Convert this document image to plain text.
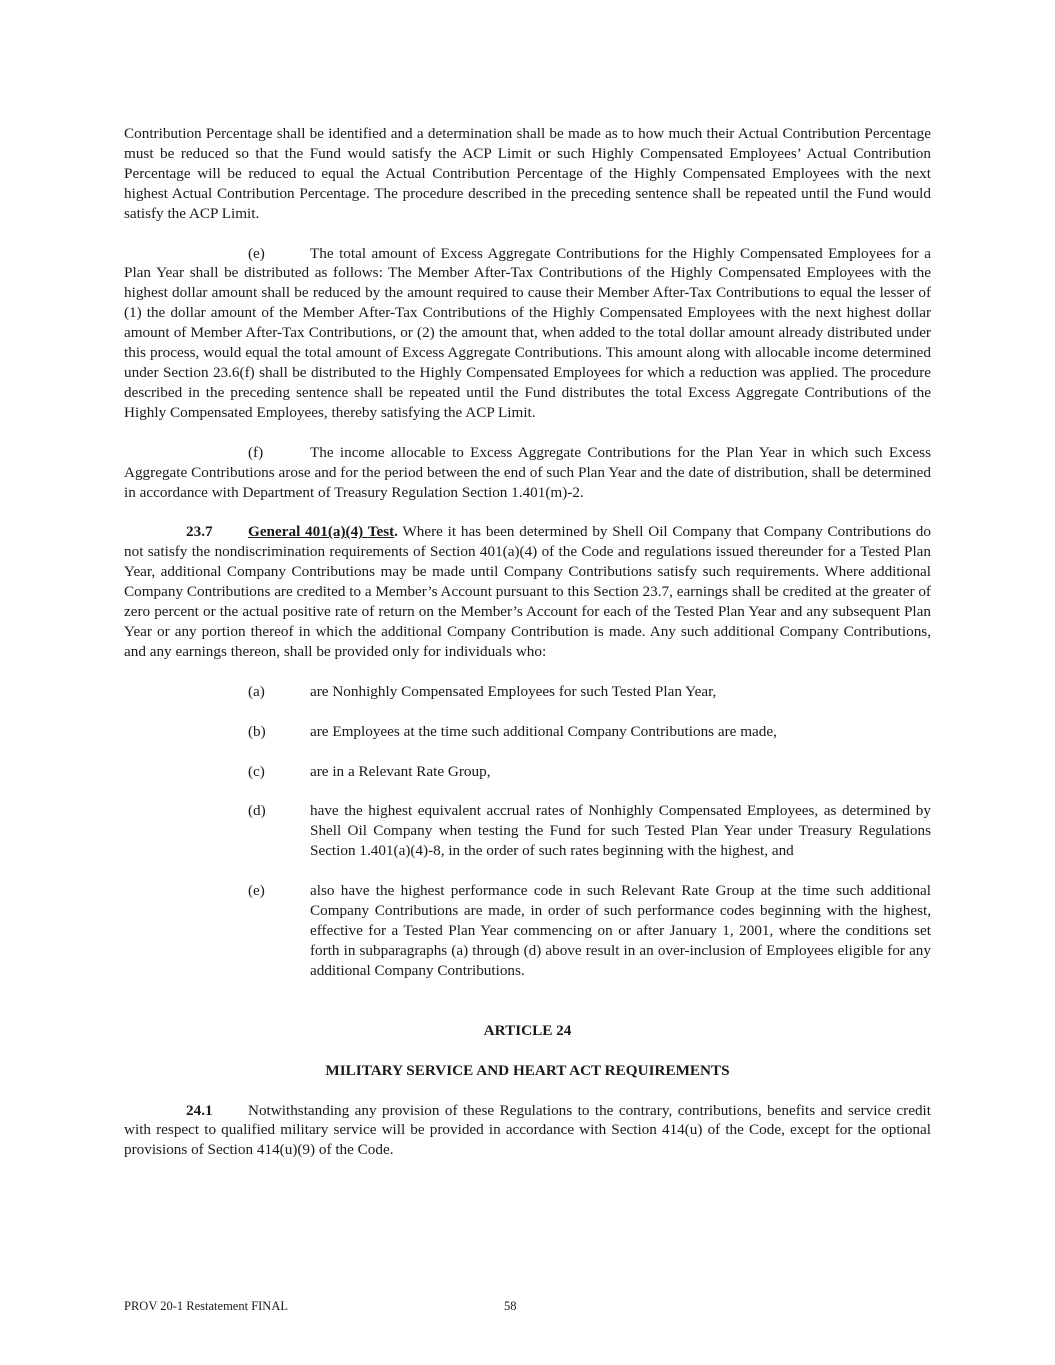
Contribution Percentage shall be identified and a determination shall be made as to how much their Actual Contribution Percentage must be reduced so that the Fund would satisfy the ACP Limit or such Highly Compensated Employees’ Actual Contribution Percentage will be reduced to equal the Actual Contribution Percentage of the Highly Compensated Employees with the next highest Actual Contribution Percentage. The procedure described in the preceding sentence shall be repeated until the Fund would satisfy the ACP Limit.

(e)	The total amount of Excess Aggregate Contributions for the Highly Compensated Employees for a Plan Year shall be distributed as follows: The Member After-Tax Contributions of the Highly Compensated Employees with the highest dollar amount shall be reduced by the amount required to cause their Member After-Tax Contributions to equal the lesser of (1) the dollar amount of the Member After-Tax Contributions of the Highly Compensated Employees with the next highest dollar amount of Member After-Tax Contributions, or (2) the amount that, when added to the total dollar amount already distributed under this process, would equal the total amount of Excess Aggregate Contributions. This amount along with allocable income determined under Section 23.6(f) shall be distributed to the Highly Compensated Employees for which a reduction was applied. The procedure described in the preceding sentence shall be repeated until the Fund distributes the total Excess Aggregate Contributions of the Highly Compensated Employees, thereby satisfying the ACP Limit.

(f)	The income allocable to Excess Aggregate Contributions for the Plan Year in which such Excess Aggregate Contributions arose and for the period between the end of such Plan Year and the date of distribution, shall be determined in accordance with Department of Treasury Regulation Section 1.401(m)-2.

23.7 General 401(a)(4) Test. Where it has been determined by Shell Oil Company that Company Contributions do not satisfy the nondiscrimination requirements of Section 401(a)(4) of the Code and regulations issued thereunder for a Tested Plan Year, additional Company Contributions may be made until Company Contributions satisfy such requirements. Where additional Company Contributions are credited to a Member’s Account pursuant to this Section 23.7, earnings shall be credited at the greater of zero percent or the actual positive rate of return on the Member’s Account for each of the Tested Plan Year and any subsequent Plan Year or any portion thereof in which the additional Company Contribution is made. Any such additional Company Contributions, and any earnings thereon, shall be provided only for individuals who:

(a)	are Nonhighly Compensated Employees for such Tested Plan Year,
(b)	are Employees at the time such additional Company Contributions are made,
(c)	are in a Relevant Rate Group,
(d)	have the highest equivalent accrual rates of Nonhighly Compensated Employees, as determined by Shell Oil Company when testing the Fund for such Tested Plan Year under Treasury Regulations Section 1.401(a)(4)-8, in the order of such rates beginning with the highest, and
(e)	also have the highest performance code in such Relevant Rate Group at the time such additional Company Contributions are made, in order of such performance codes beginning with the highest, effective for a Tested Plan Year commencing on or after January 1, 2001, where the conditions set forth in subparagraphs (a) through (d) above result in an over-inclusion of Employees eligible for any additional Company Contributions.
ARTICLE 24
MILITARY SERVICE AND HEART ACT REQUIREMENTS

24.1 Notwithstanding any provision of these Regulations to the contrary, contributions, benefits and service credit with respect to qualified military service will be provided in accordance with Section 414(u) of the Code, except for the optional provisions of Section 414(u)(9) of the Code.

PROV 20-1 Restatement FINAL	58
